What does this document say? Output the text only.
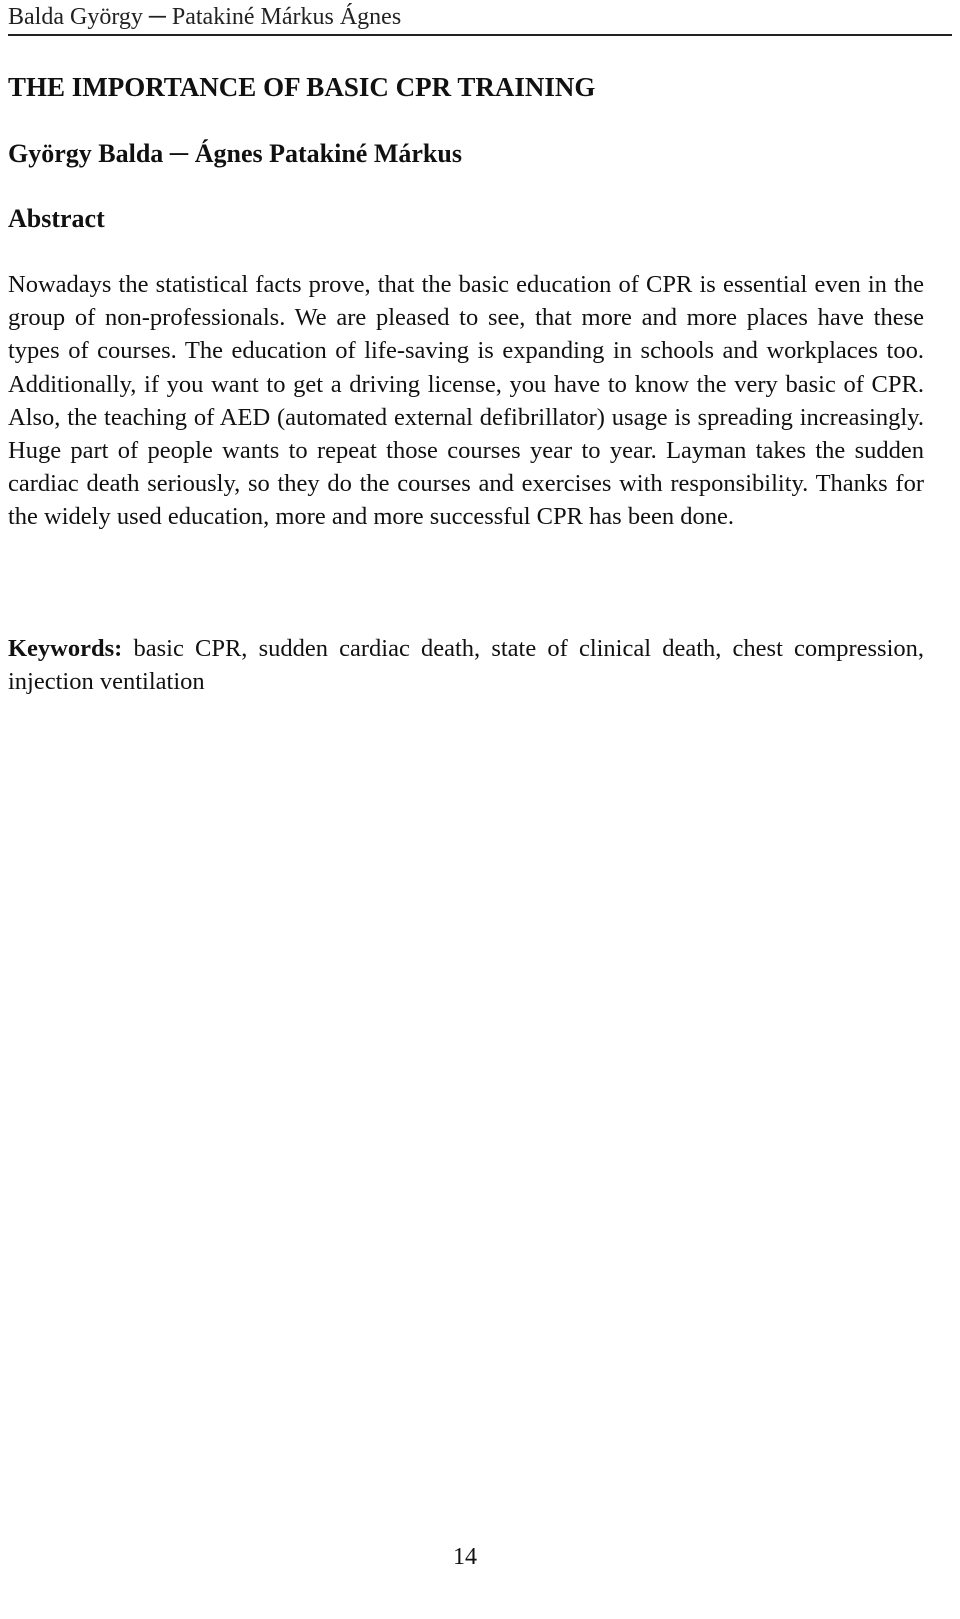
Balda György ─ Patakiné Márkus Ágnes
THE IMPORTANCE OF BASIC CPR TRAINING

György Balda ─ Ágnes Patakiné Márkus

Abstract

Nowadays the statistical facts prove, that the basic education of CPR is essential even in the group of non-professionals. We are pleased to see, that more and more places have these types of courses. The education of life-saving is expanding in schools and workplaces too. Additionally, if you want to get a driving license, you have to know the very basic of CPR. Also, the teaching of AED (automated external defibrillator) usage is spreading increasingly. Huge part of people wants to repeat those courses year to year. Layman takes the sudden cardiac death seriously, so they do the courses and exercises with responsibility. Thanks for the widely used education, more and more successful CPR has been done.

Keywords: basic CPR, sudden cardiac death, state of clinical death, chest compression, injection ventilation

14
